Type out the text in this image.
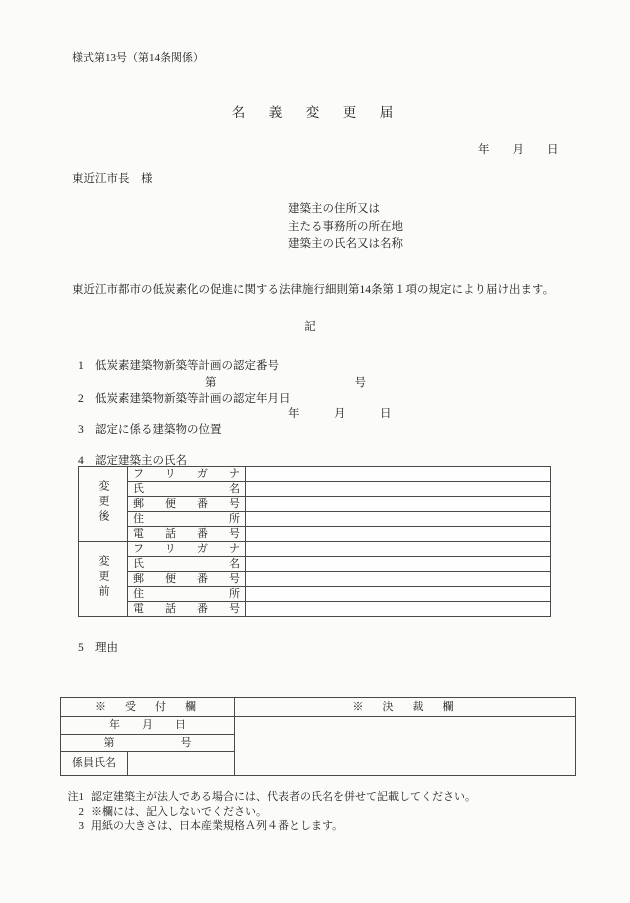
様式第13号（第14条関係）
名　義　変　更　届
年　　月　　日
東近江市長　様
建築主の住所又は
主たる事務所の所在地
建築主の氏名又は名称
東近江市都市の低炭素化の促進に関する法律施行細則第14条第１項の規定により届け出ます。
記
1 低炭素建築物新築等計画の認定番号
第　　　　　　　　　　　　号
2 低炭素建築物新築等計画の認定年月日
年　　　月　　　日
3 認定に係る建築物の位置
4 認定建築主の氏名
変更後	フリガナ	
	氏名	
	郵便番号	
	住所	
	電話番号	
変更前	フリガナ	
	氏名	
	郵便番号	
	住所	
	電話番号	
5 理由
※　受　付　欄		※　決　裁　欄
年　　月　　日		
第　　　　　　号		
係員氏名		
注1 認定建築主が法人である場合には、代表者の氏名を併せて記載してください。
2 ※欄には、記入しないでください。
3 用紙の大きさは、日本産業規格Ａ列４番とします。
